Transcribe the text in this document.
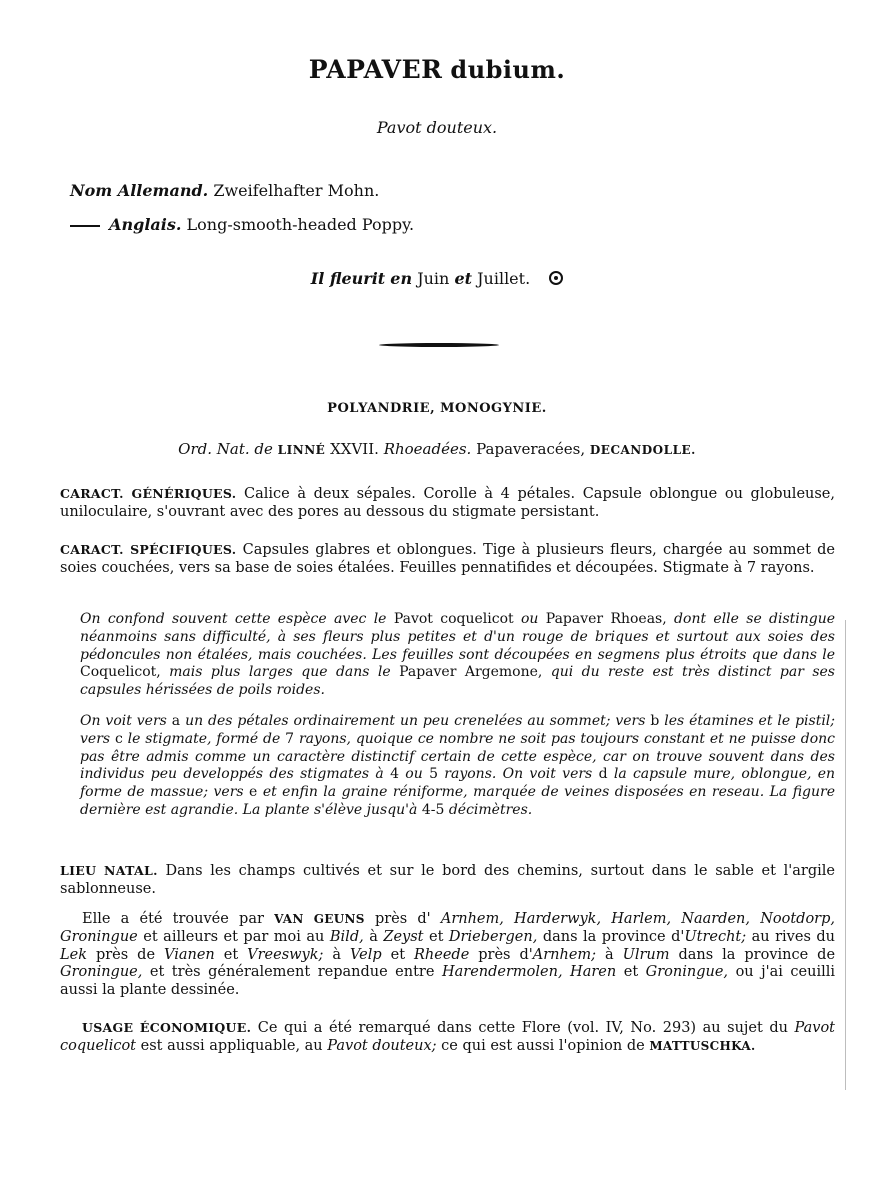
PAPAVER dubium.
Pavot douteux.
Nom Allemand. Zweifelhafter Mohn.
Anglais. Long-smooth-headed Poppy.
Il fleurit en Juin et Juillet.
POLYANDRIE, MONOGYNIE.
Ord. Nat. de LINNÉ XXVII. Rhoeadées. Papaveracées, DECANDOLLE.
CARACT. GÉNÉRIQUES. Calice à deux sépales. Corolle à 4 pétales. Capsule oblongue ou globuleuse, uniloculaire, s'ouvrant avec des pores au dessous du stigmate persistant.
CARACT. SPÉCIFIQUES. Capsules glabres et oblongues. Tige à plusieurs fleurs, chargée au sommet de soies couchées, vers sa base de soies étalées. Feuilles pennatifides et découpées. Stigmate à 7 rayons.
On confond souvent cette espèce avec le Pavot coquelicot ou Papaver Rhoeas, dont elle se distingue néanmoins sans difficulté, à ses fleurs plus petites et d'un rouge de briques et surtout aux soies des pédoncules non étalées, mais couchées. Les feuilles sont découpées en segmens plus étroits que dans le Coquelicot, mais plus larges que dans le Papaver Argemone, qui du reste est très distinct par ses capsules hérissées de poils roides.
On voit vers a un des pétales ordinairement un peu crenelées au sommet; vers b les étamines et le pistil; vers c le stigmate, formé de 7 rayons, quoique ce nombre ne soit pas toujours constant et ne puisse donc pas être admis comme un caractère distinctif certain de cette espèce, car on trouve souvent dans des individus peu developpés des stigmates à 4 ou 5 rayons. On voit vers d la capsule mure, oblongue, en forme de massue; vers e et enfin la graine réniforme, marquée de veines disposées en reseau. La figure dernière est agrandie. La plante s'élève jusqu'à 4-5 décimètres.
LIEU NATAL. Dans les champs cultivés et sur le bord des chemins, surtout dans le sable et l'argile sablonneuse.
Elle a été trouvée par VAN GEUNS près d' Arnhem, Harderwyk, Harlem, Naarden, Nootdorp, Groningue et ailleurs et par moi au Bild, à Zeyst et Driebergen, dans la province d'Utrecht; au rives du Lek près de Vianen et Vreeswyk; à Velp et Rheede près d'Arnhem; à Ulrum dans la province de Groningue, et très généralement repandue entre Harendermolen, Haren et Groningue, ou j'ai ceuilli aussi la plante dessinée.
USAGE ÉCONOMIQUE. Ce qui a été remarqué dans cette Flore (vol. IV, No. 293) au sujet du Pavot coquelicot est aussi appliquable, au Pavot douteux; ce qui est aussi l'opinion de MATTUSCHKA.
